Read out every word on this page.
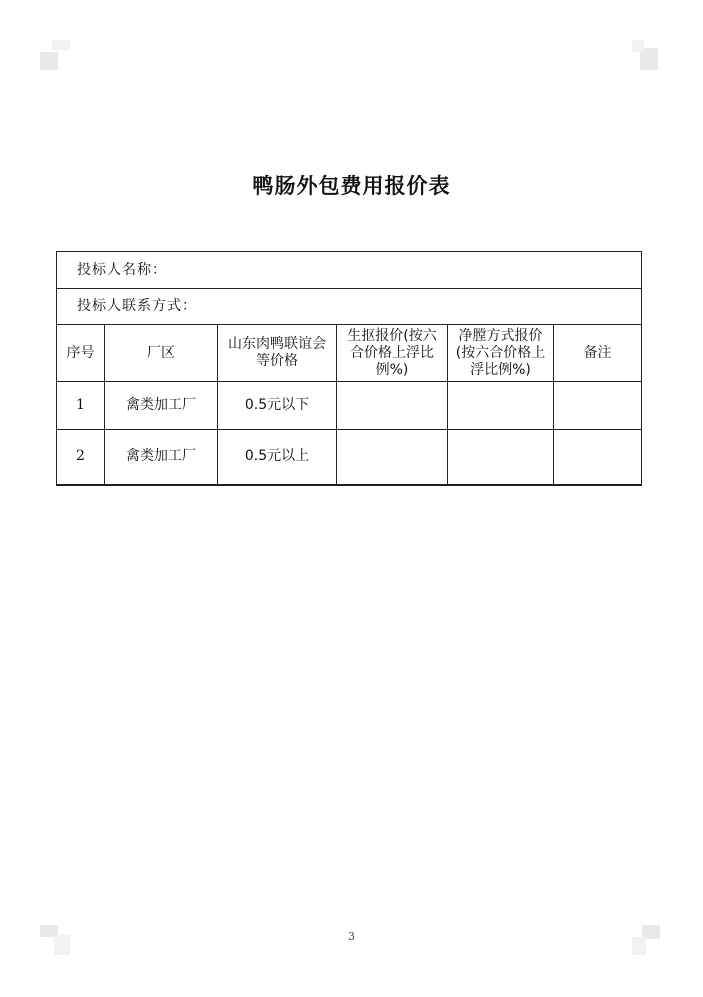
鸭肠外包费用报价表
投标人名称：					
投标人联系方式：					
序号	厂区	山东肉鸭联谊会等价格	生抠报价(按六合价格上浮比例%)	净膛方式报价(按六合价格上浮比例%)	备注
1	禽类加工厂	0.5元以下			
2	禽类加工厂	0.5元以上			
3
